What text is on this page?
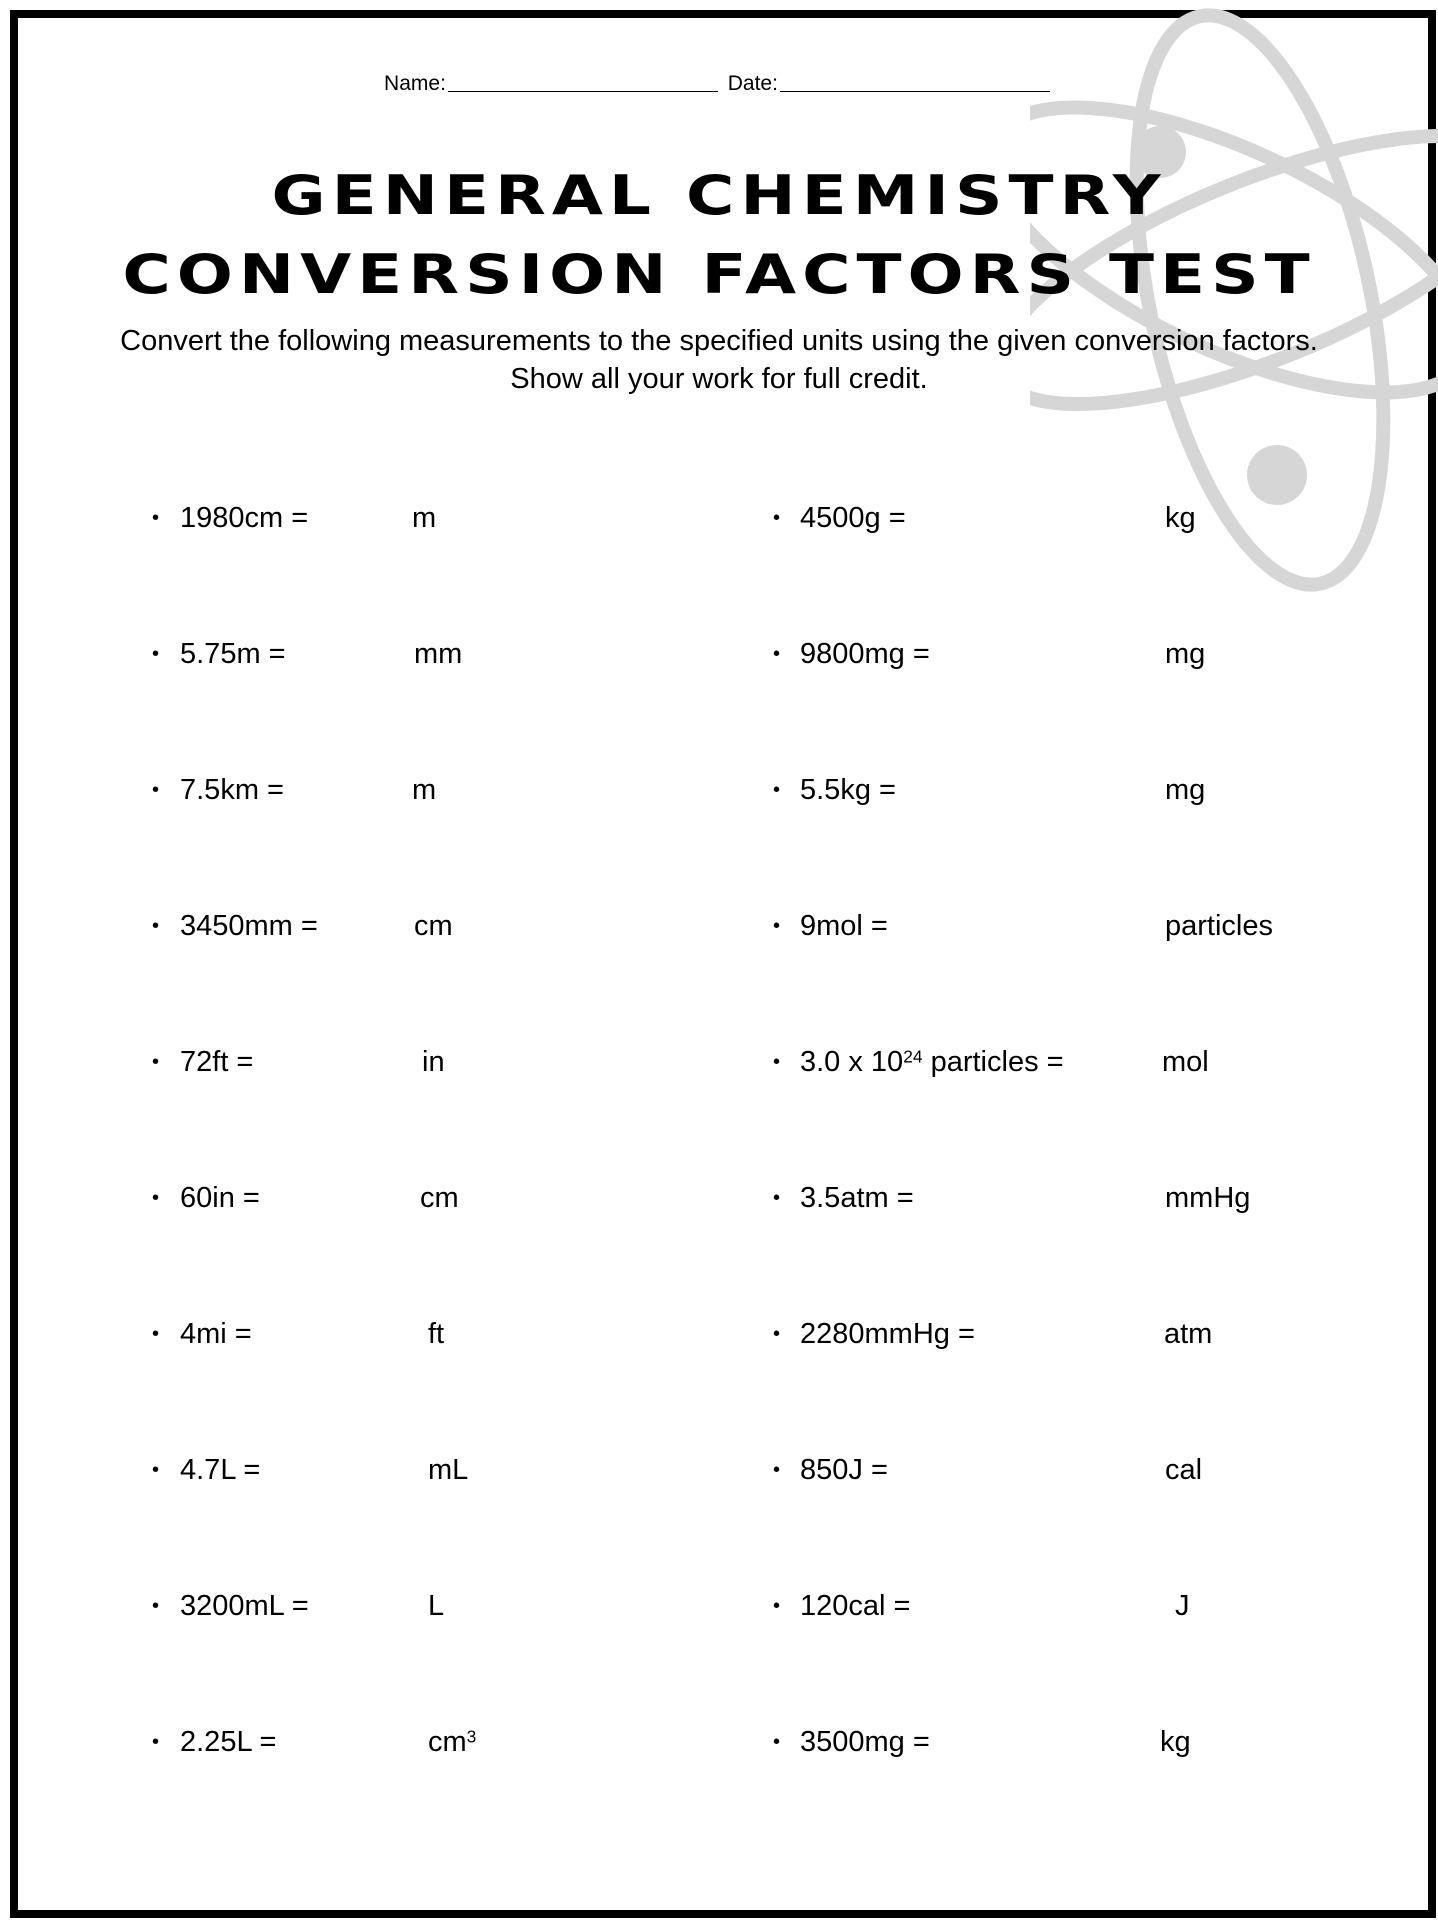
Name:	Date:
GENERAL CHEMISTRY
CONVERSION FACTORS TEST
Convert the following measurements to the specified units using the given conversion factors.
Show all your work for full credit.
• 1980cm =	m
• 5.75m =	mm
• 7.5km =	m
• 3450mm =	cm
• 72ft =	in
• 60in =	cm
• 4mi =	ft
• 4.7L =	mL
• 3200mL =	L
• 2.25L =	$cm^3$
• 4500g =	kg
• 9800mg =	mg
• 5.5kg =	mg
• 9mol =	particles
• 3.0 x $10^{24}$ particles =	mol
• 3.5atm =	mmHg
• 2280mmHg =	atm
• 850J =	cal
• 120cal =	J
• 3500mg =	kg
